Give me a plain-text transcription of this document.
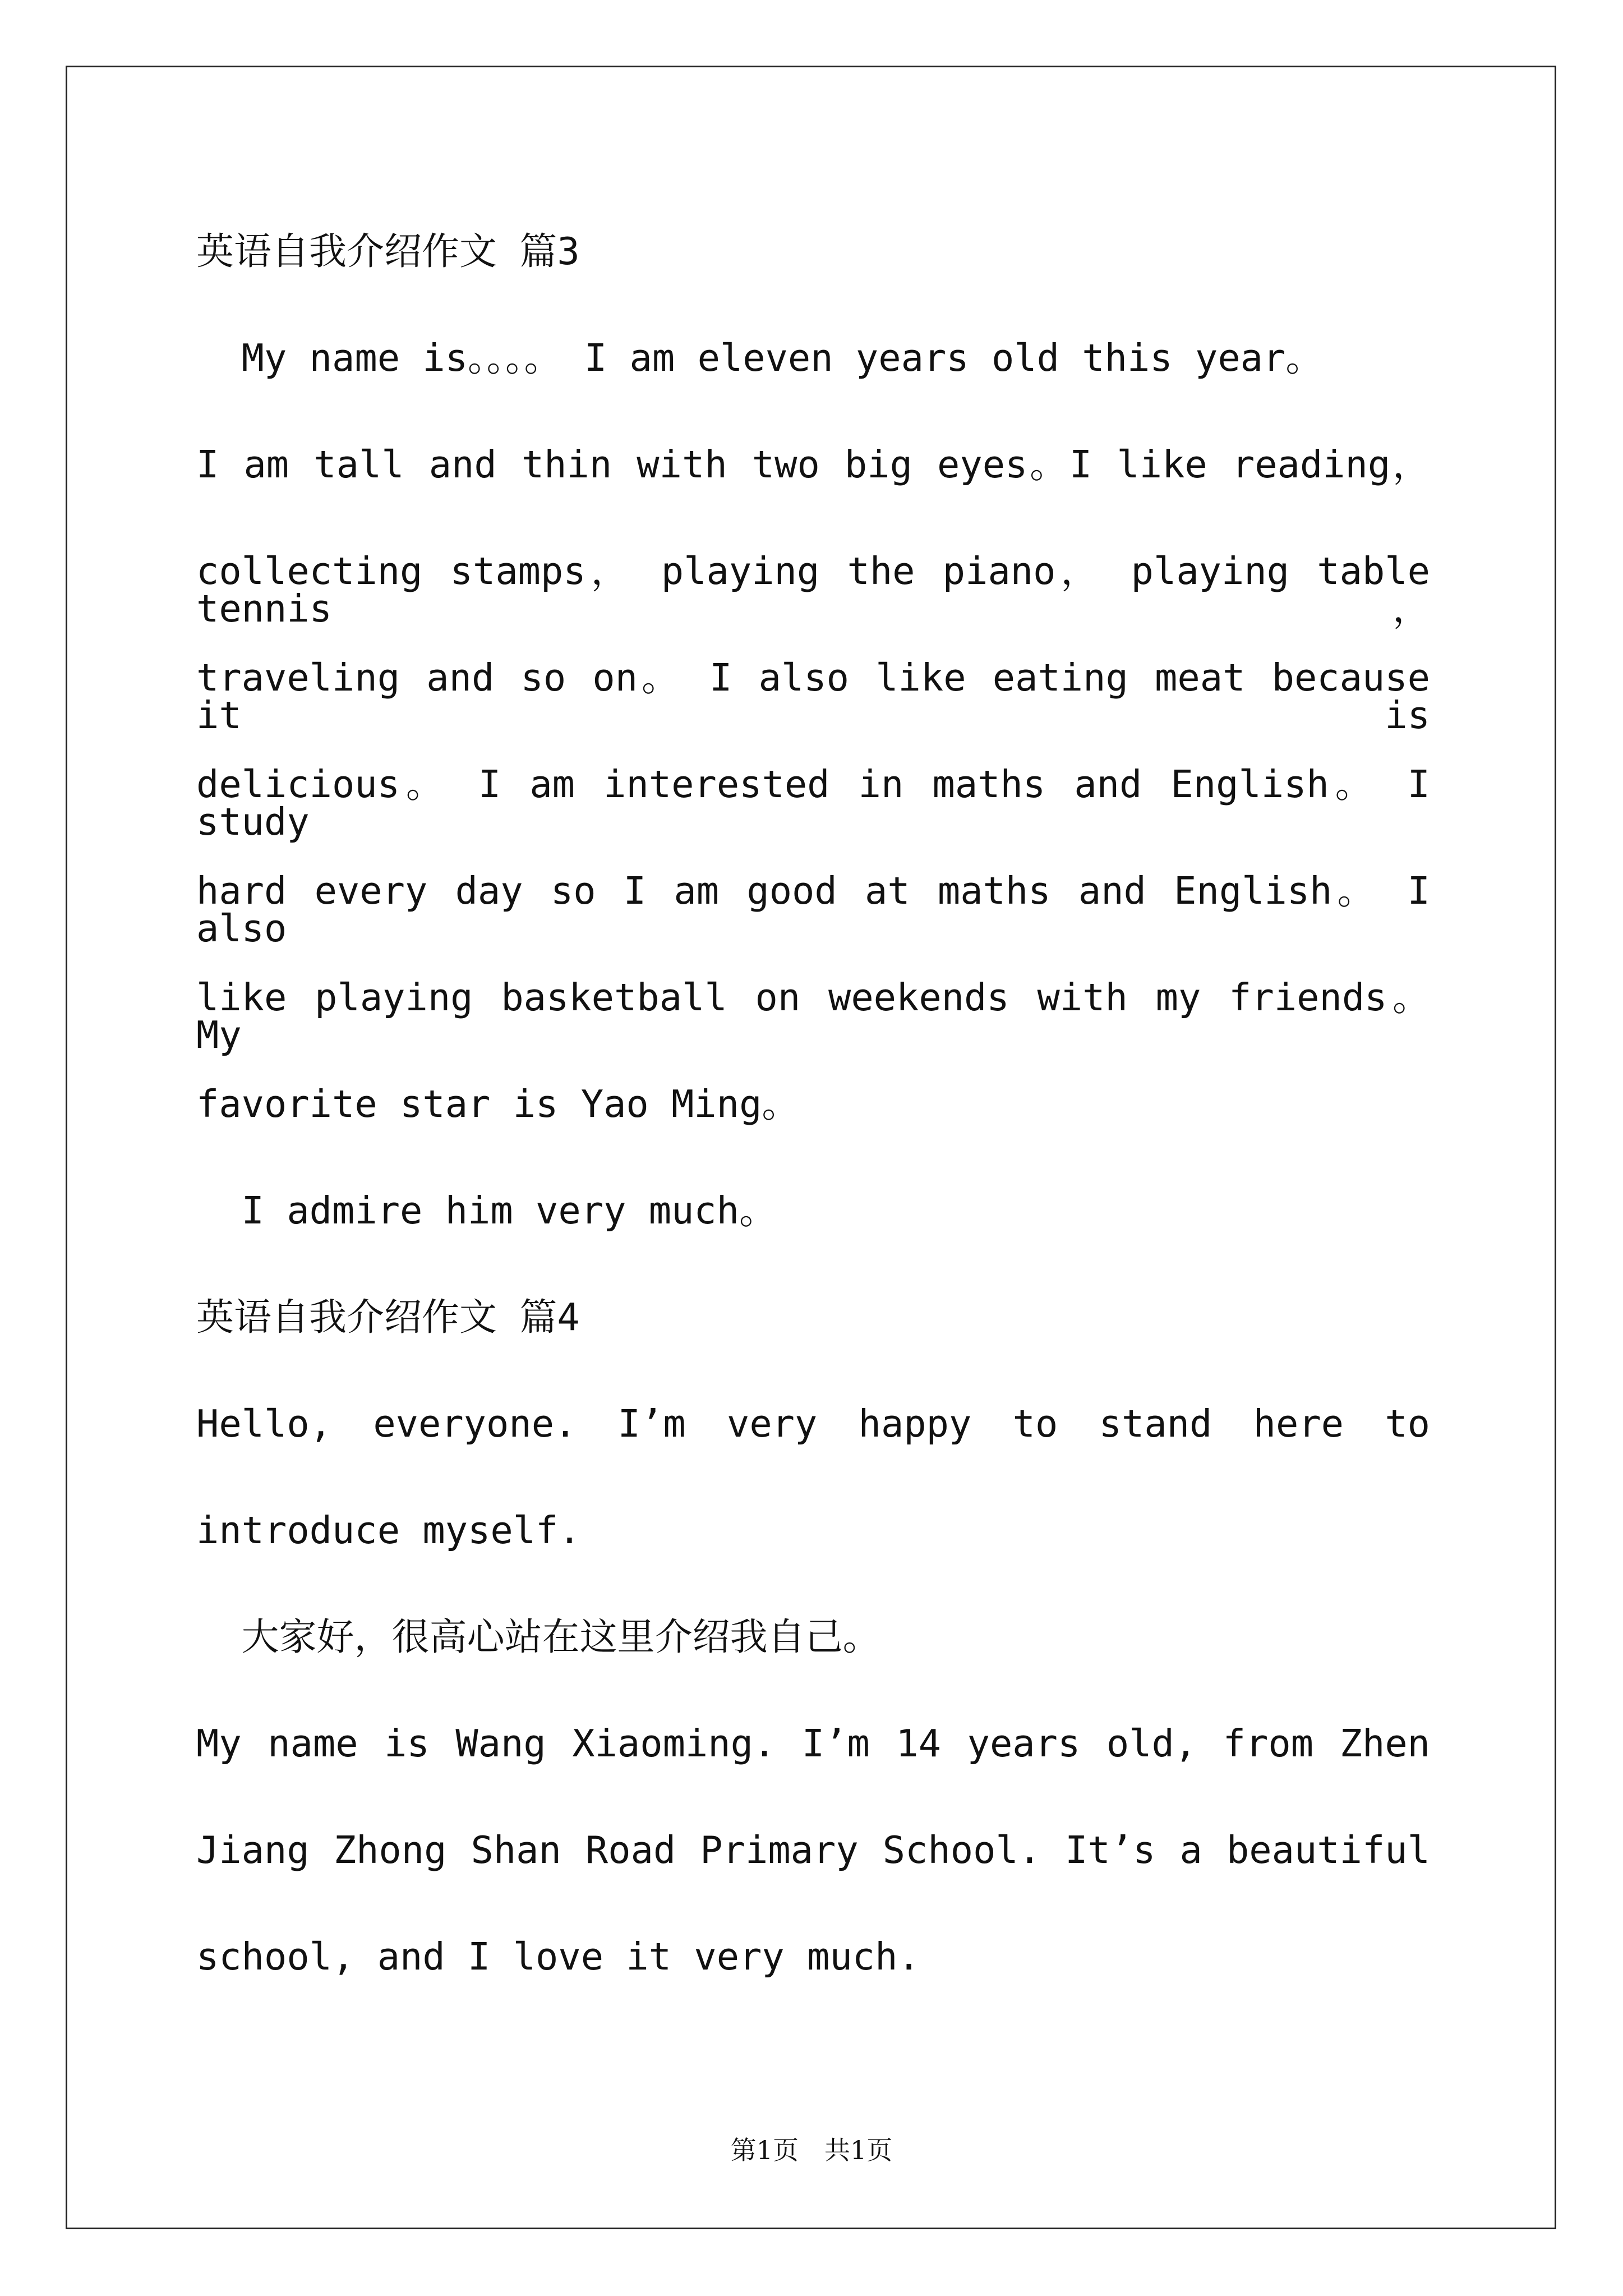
英语自我介绍作文 篇3
My name is。。。。 I am eleven years old this year。
I am tall and thin with two big eyes。I like reading，
collecting stamps， playing the piano， playing table tennis，
traveling and so on。 I also like eating meat because it is
delicious。 I am interested in maths and English。 I study
hard every day so I am good at maths and English。 I also
like playing basketball on weekends with my friends。 My
favorite star is Yao Ming。
I admire him very much。
英语自我介绍作文 篇4
Hello, everyone. I’m very happy to stand here to
introduce myself.
大家好，很高心站在这里介绍我自己。
My name is Wang Xiaoming. I’m 14 years old, from Zhen
Jiang Zhong Shan Road Primary School. It’s a beautiful
school, and I love it very much.
第1页 共1页
